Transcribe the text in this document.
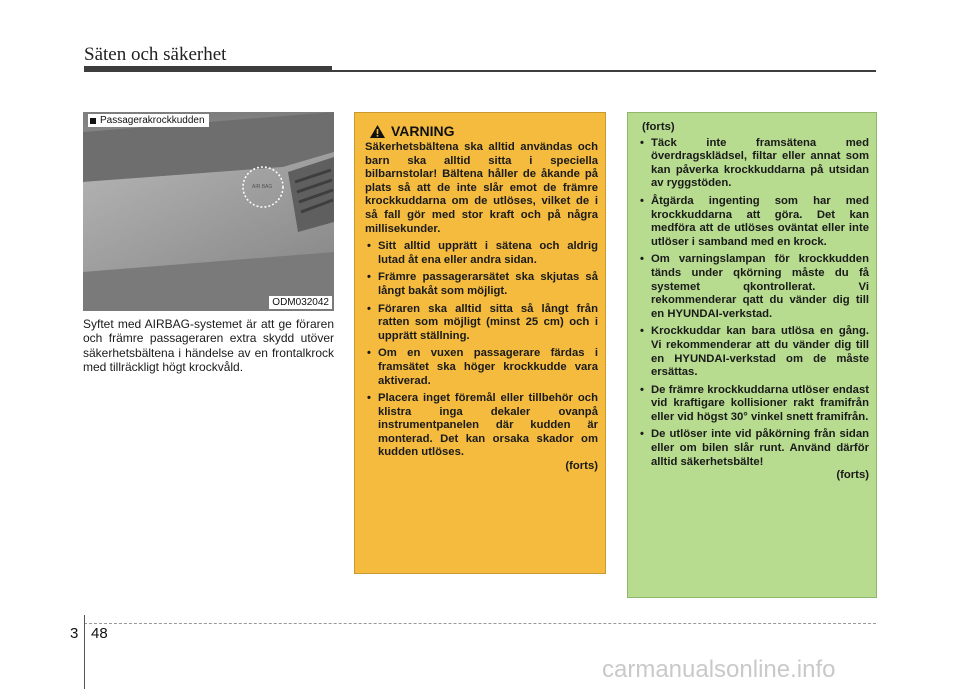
Säten och säkerhet
AIR BAG
ODM032042
Passagerakrockkudden
Syftet med AIRBAG-systemet är att ge föraren och främre passageraren extra skydd utöver säkerhetsbältena i händelse av en frontalkrock med tillräckligt högt krockvåld.
VARNING
Säkerhetsbältena ska alltid användas och barn ska alltid sitta i speciella bilbarnstolar! Bältena håller de åkande på plats så att de inte slår emot de främre krockkuddarna om de utlöses, vilket de i så fall gör med stor kraft och på några millisekunder.
• Sitt alltid upprätt i sätena och aldrig lutad åt ena eller andra sidan.
• Främre passagerarsätet ska skjutas så långt bakåt som möjligt.
• Föraren ska alltid sitta så långt från ratten som möjligt (minst 25 cm) och i upprätt ställning.
• Om en vuxen passagerare färdas i framsätet ska höger krockkudde vara aktiverad.
• Placera inget föremål eller tillbehör och klistra inga dekaler ovanpå instrumentpanelen där kudden är monterad. Det kan orsaka skador om kudden utlöses.
(forts)
(forts)
• Täck inte framsätena med överdragsklädsel, filtar eller annat som kan påverka krockkuddarna på utsidan av ryggstöden.
• Åtgärda ingenting som har med krockkuddarna att göra. Det kan medföra att de utlöses oväntat eller inte utlöser i samband med en krock.
• Om varningslampan för krockkudden tänds under qkörning måste du få systemet qkontrollerat. Vi rekommenderar qatt du vänder dig till en HYUNDAI-verkstad.
• Krockkuddar kan bara utlösa en gång. Vi rekommenderar att du vänder dig till en HYUNDAI-verkstad om de måste ersättas.
• De främre krockkuddarna utlöser endast vid kraftigare kollisioner rakt framifrån eller vid högst 30° vinkel snett framifrån.
• De utlöser inte vid påkörning från sidan eller om bilen slår runt. Använd därför alltid säkerhetsbälte!
(forts)
3 48
carmanualsonline.info
